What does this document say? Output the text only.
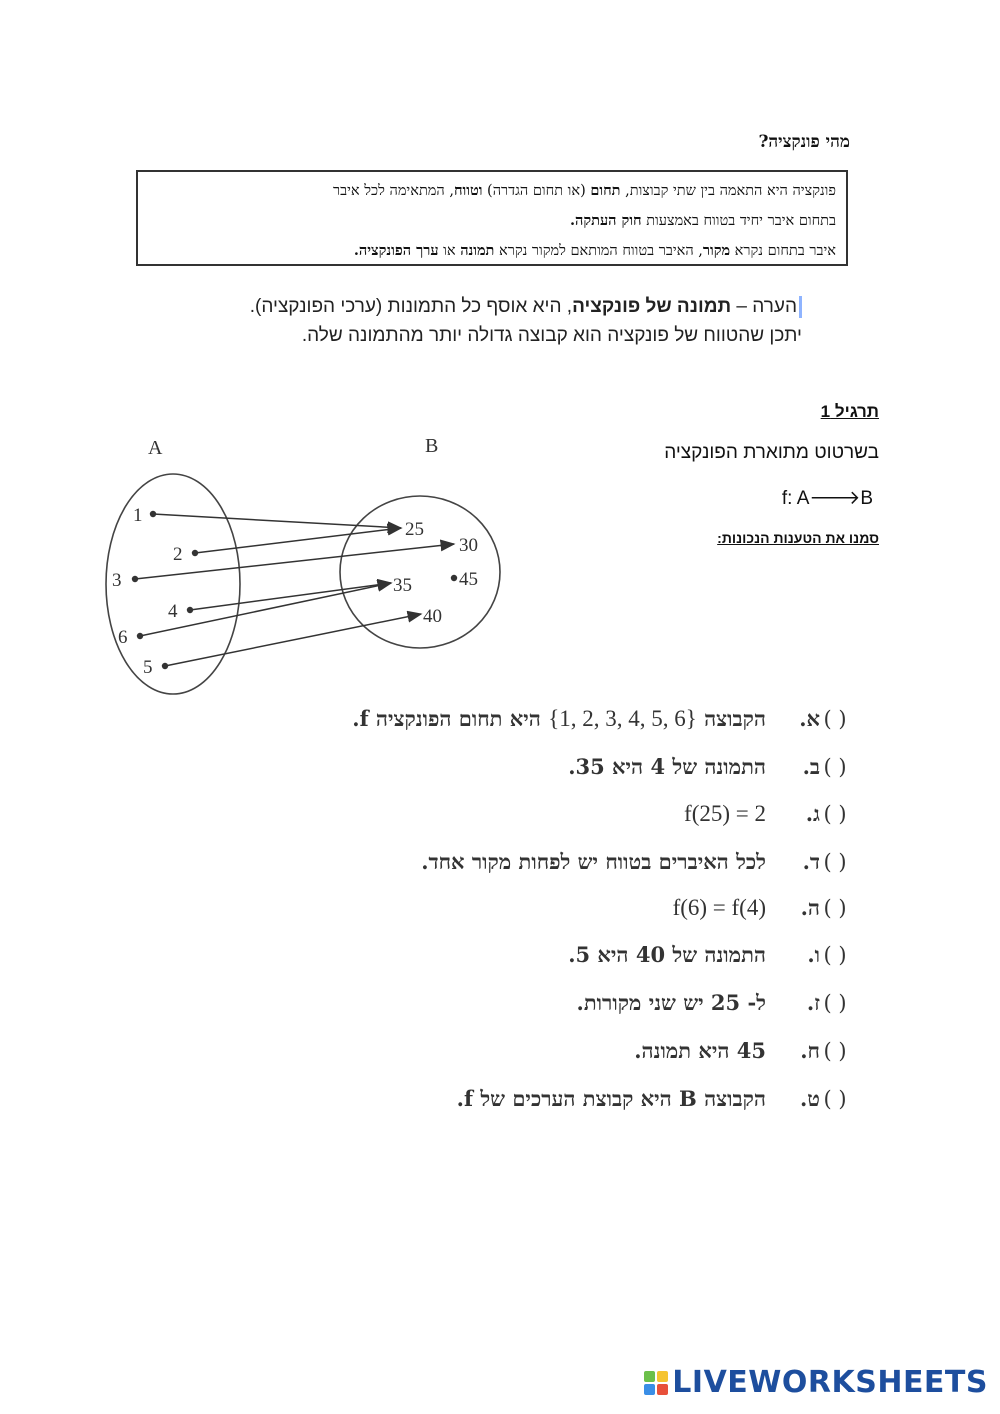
מהי פונקציה?
פונקציה היא התאמה בין שתי קבוצות, תחום (או תחום הגדרה) וטווח, המתאימה לכל איבר
בתחום איבר יחיד בטווח באמצעות חוק העתקה.
איבר בתחום נקרא מקור, האיבר בטווח המותאם למקור נקרא תמונה או ערך הפונקציה.
הערה – תמונה של פונקציה, היא אוסף כל התמונות (ערכי הפונקציה).
יתכן שהטווח של פונקציה הוא קבוצה גדולה יותר מהתמונה שלה.
תרגיל 1
בשרטוט מתוארת הפונקציה
f: A🡒B
סמנו את הטענות הנכונות:
A	B
1
2
3
4
6
5
25
30
35 45
40
( )
א.
הקבוצה {1, 2, 3, 4, 5, 6} היא תחום הפונקציה f.
( )
ב.
התמונה של 4 היא 35.
( )
ג.
f(25) = 2
( )
ד.
לכל האיברים בטווח יש לפחות מקור אחד.
( )
ה.
f(6) = f(4)
( )
ו.
התמונה של 40 היא 5.
( )
ז.
ל- 25 יש שני מקורות.
( )
ח.
45 היא תמונה.
( )
ט.
הקבוצה B היא קבוצת הערכים של f.
LIVEWORKSHEETS
